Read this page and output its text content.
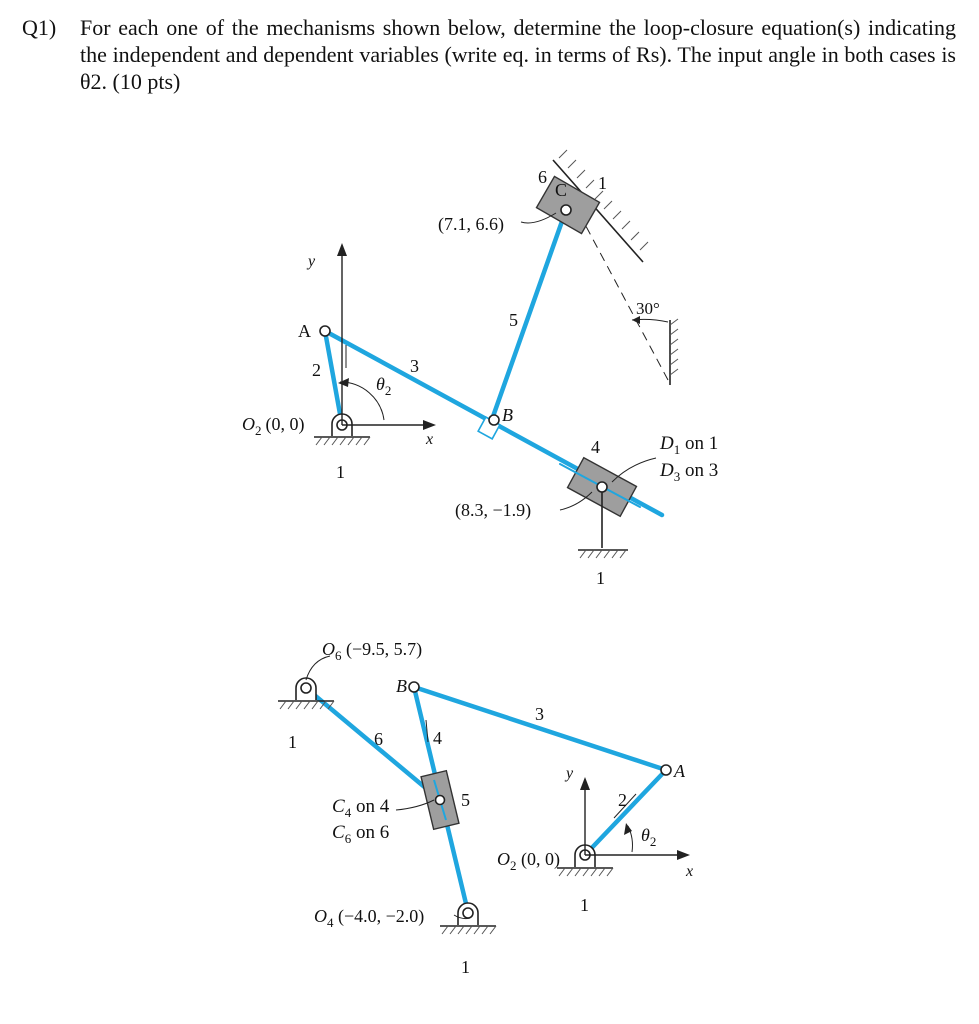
Q1) For each one of the mechanisms shown below, determine the loop-closure equation(s) indicating the independent and dependent variables (write eq. in terms of Rs). The input angle in both cases is θ2. (10 pts)
30°
(7.1, 6.6)
6
C 1
5
y
A
2	3
$\theta_2$
B
$O_2$ (0, 0)
x
1
4
(8.3, −1.9)
1
$D_1$ on 1
$D_3$ on 3
$O_6$ (−9.5, 5.7)
B
3
1	6	4
5
A
y
2
$\theta_2$
$C_4$ on 4
$C_6$ on 6
$O_2$ (0, 0)
x
1
$O_4$ (−4.0, −2.0)
1
